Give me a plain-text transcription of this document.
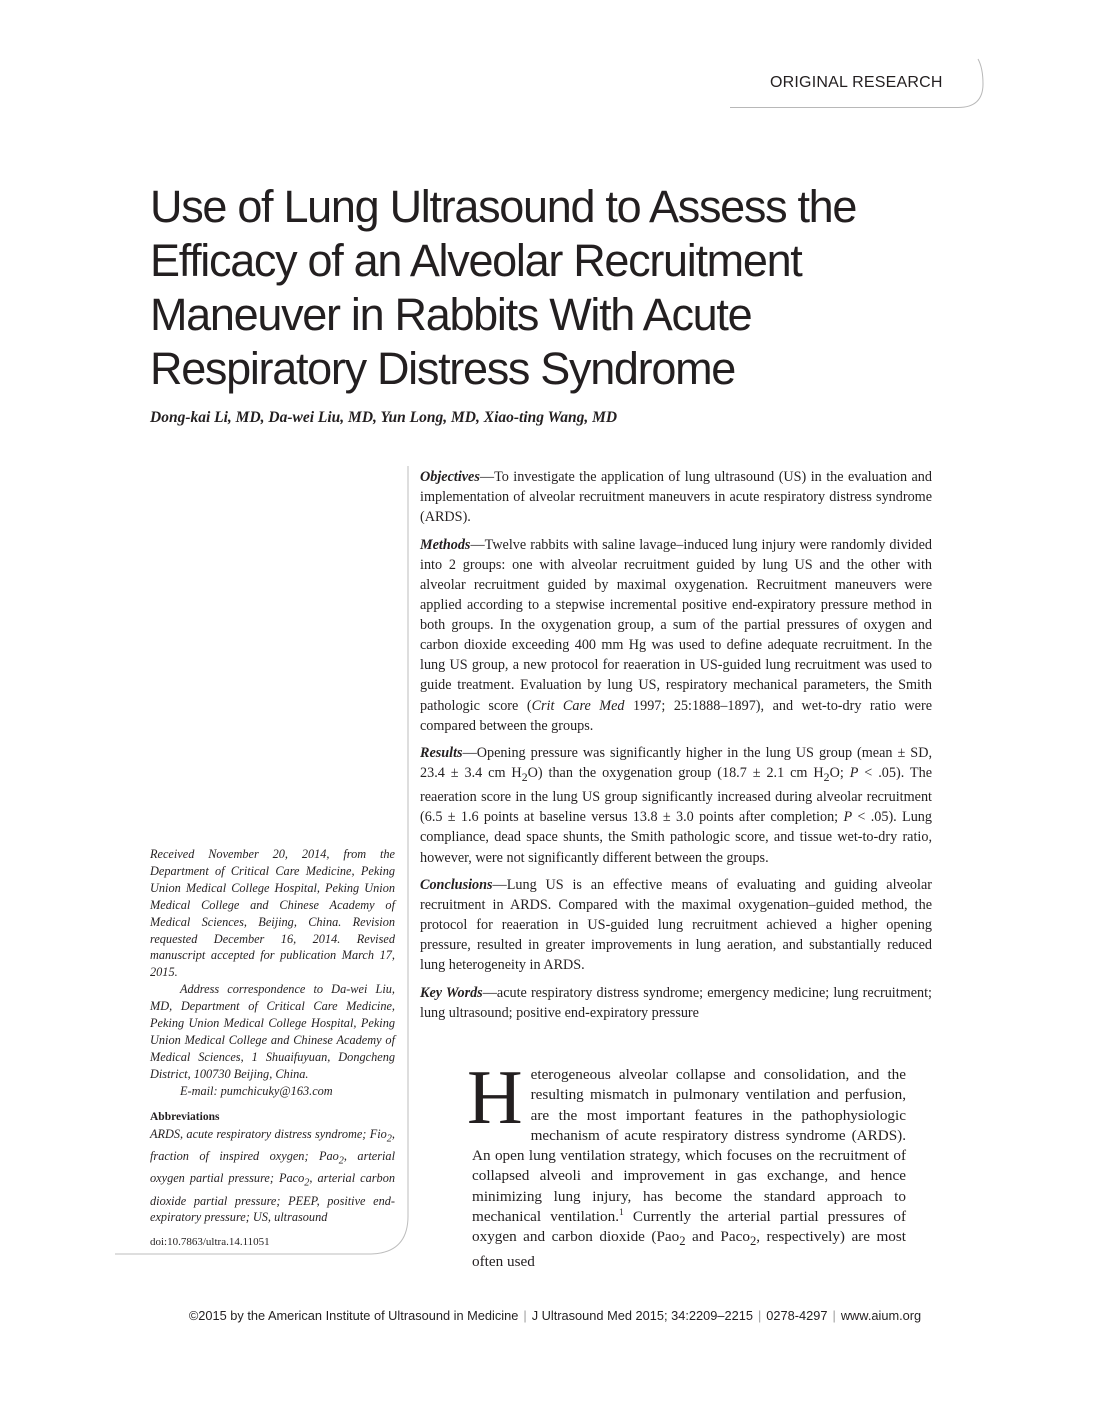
ORIGINAL RESEARCH
Use of Lung Ultrasound to Assess the Efficacy of an Alveolar Recruitment Maneuver in Rabbits With Acute Respiratory Distress Syndrome
Dong-kai Li, MD, Da-wei Liu, MD, Yun Long, MD, Xiao-ting Wang, MD

Objectives—To investigate the application of lung ultrasound (US) in the evaluation and implementation of alveolar recruitment maneuvers in acute respiratory distress syndrome (ARDS).

Methods—Twelve rabbits with saline lavage–induced lung injury were randomly divided into 2 groups: one with alveolar recruitment guided by lung US and the other with alveolar recruitment guided by maximal oxygenation. Recruitment maneuvers were applied according to a stepwise incremental positive end-expiratory pressure method in both groups. In the oxygenation group, a sum of the partial pressures of oxygen and carbon dioxide exceeding 400 mm Hg was used to define adequate recruitment. In the lung US group, a new protocol for reaeration in US-guided lung recruitment was used to guide treatment. Evaluation by lung US, respiratory mechanical parameters, the Smith pathologic score (Crit Care Med 1997; 25:1888–1897), and wet-to-dry ratio were compared between the groups.

Results—Opening pressure was significantly higher in the lung US group (mean ± SD, 23.4 ± 3.4 cm $H_2O$) than the oxygenation group (18.7 ± 2.1 cm $H_2O$; P < .05). The reaeration score in the lung US group significantly increased during alveolar recruitment (6.5 ± 1.6 points at baseline versus 13.8 ± 3.0 points after completion; P < .05). Lung compliance, dead space shunts, the Smith pathologic score, and tissue wet-to-dry ratio, however, were not significantly different between the groups.

Conclusions—Lung US is an effective means of evaluating and guiding alveolar recruitment in ARDS. Compared with the maximal oxygenation–guided method, the protocol for reaeration in US-guided lung recruitment achieved a higher opening pressure, resulted in greater improvements in lung aeration, and substantially reduced lung heterogeneity in ARDS.

Key Words—acute respiratory distress syndrome; emergency medicine; lung recruitment; lung ultrasound; positive end-expiratory pressure

Received November 20, 2014, from the Department of Critical Care Medicine, Peking Union Medical College Hospital, Peking Union Medical College and Chinese Academy of Medical Sciences, Beijing, China. Revision requested December 16, 2014. Revised manuscript accepted for publication March 17, 2015.

Address correspondence to Da-wei Liu, MD, Department of Critical Care Medicine, Peking Union Medical College Hospital, Peking Union Medical College and Chinese Academy of Medical Sciences, 1 Shuaifuyuan, Dongcheng District, 100730 Beijing, China.

E-mail: pumchicuky@163.com

Abbreviations

ARDS, acute respiratory distress syndrome; Fio$_2$, fraction of inspired oxygen; Pao$_2$, arterial oxygen partial pressure; Paco$_2$, arterial carbon dioxide partial pressure; PEEP, positive end-expiratory pressure; US, ultrasound

doi:10.7863/ultra.14.11051

Heterogeneous alveolar collapse and consolidation, and the resulting mismatch in pulmonary ventilation and perfusion, are the most important features in the pathophysiologic mechanism of acute respiratory distress syndrome (ARDS). An open lung ventilation strategy, which focuses on the recruitment of collapsed alveoli and improvement in gas exchange, and hence minimizing lung injury, has become the standard approach to mechanical ventilation.$^1$ Currently the arterial partial pressures of oxygen and carbon dioxide (Pao$_2$ and Paco$_2$, respectively) are most often used
©2015 by the American Institute of Ultrasound in Medicine | J Ultrasound Med 2015; 34:2209–2215 | 0278-4297 | www.aium.org
